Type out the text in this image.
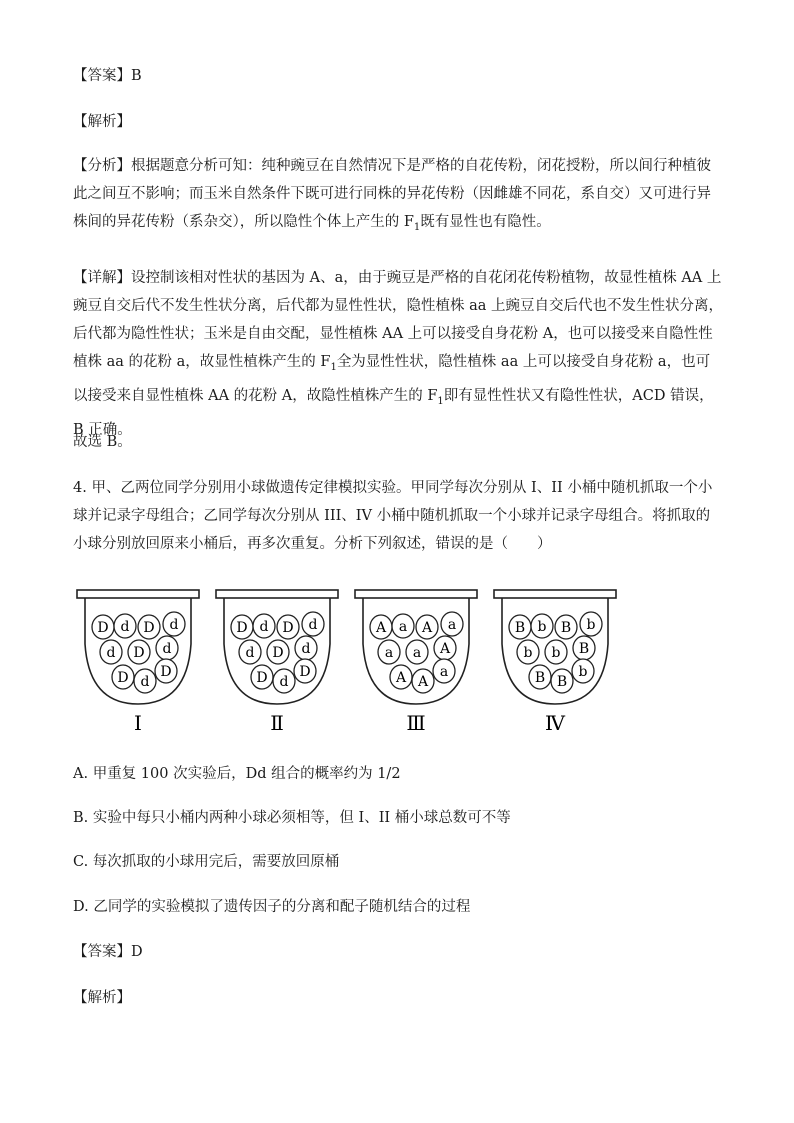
【答案】B

【解析】

【分析】根据题意分析可知：纯种豌豆在自然情况下是严格的自花传粉，闭花授粉，所以间行种植彼此之间互不影响；而玉米自然条件下既可进行同株的异花传粉（因雌雄不同花，系自交）又可进行异株间的异花传粉（系杂交），所以隐性个体上产生的 $F_1$既有显性也有隐性。

【详解】设控制该相对性状的基因为 A、a，由于豌豆是严格的自花闭花传粉植物，故显性植株 AA 上豌豆自交后代不发生性状分离，后代都为显性性状，隐性植株 aa 上豌豆自交后代也不发生性状分离，后代都为隐性性状；玉米是自由交配，显性植株 AA 上可以接受自身花粉 A，也可以接受来自隐性性植株 aa 的花粉 a，故显性植株产生的 $F_1$全为显性性状，隐性植株 aa 上可以接受自身花粉 a，也可以接受来自显性植株 AA 的花粉 A，故隐性植株产生的 $F_1$即有显性性状又有隐性性状，ACD 错误，B 正确。

故选 B。

4. 甲、乙两位同学分别用小球做遗传定律模拟实验。甲同学每次分别从 I、II 小桶中随机抓取一个小球并记录字母组合；乙同学每次分别从 III、IV 小桶中随机抓取一个小球并记录字母组合。将抓取的小球分别放回原来小桶后，再多次重复。分析下列叙述，错误的是（　　）

D d D d
d D d
D d
D
Ⅰ
D d D d
d D d
D d
D
Ⅱ
A a A a
a a A
A A
a
Ⅲ
B b B b
b b B
B B
b
Ⅳ

A. 甲重复 100 次实验后，Dd 组合的概率约为 1/2

B. 实验中每只小桶内两种小球必须相等，但 I、II 桶小球总数可不等

C. 每次抓取的小球用完后，需要放回原桶

D. 乙同学的实验模拟了遗传因子的分离和配子随机结合的过程

【答案】D

【解析】
